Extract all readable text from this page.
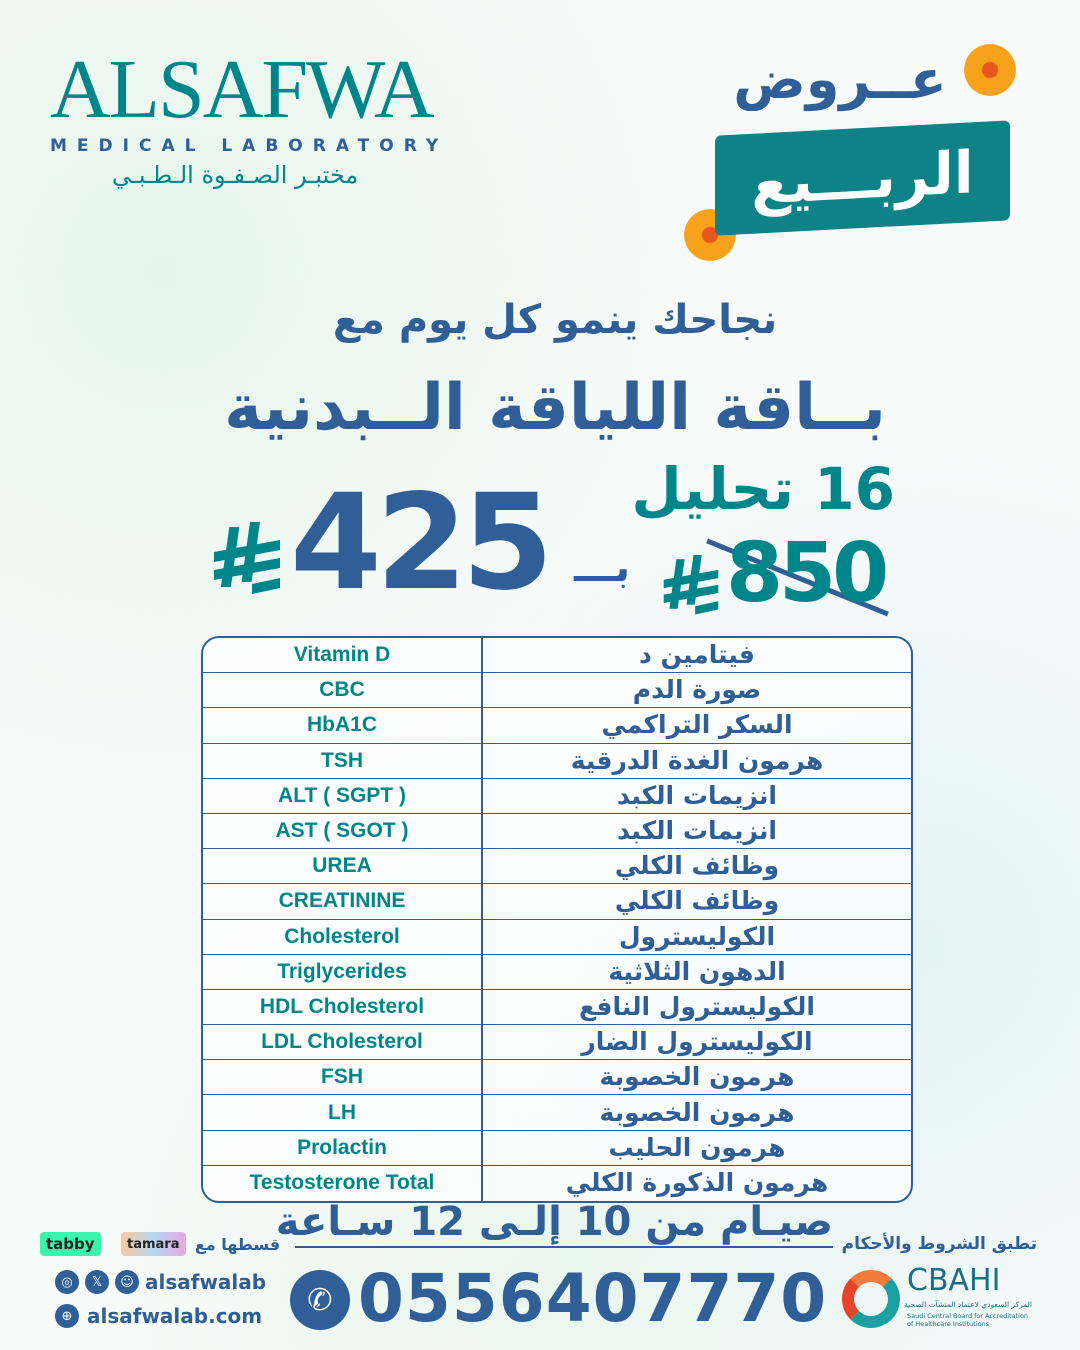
ALSAFWA
MEDICAL LABORATORY
مختبـر الصـفـوة الـطـبـي
عــروض
الربـــيع
نجاحك ينمو كل يوم مع
بــاقة اللياقة الــبدنية
16 تحليل
850
425 بـــ
Vitamin D	فيتامين د
CBC	صورة الدم
HbA1C	السكر التراكمي
TSH	هرمون الغدة الدرقية
ALT ( SGPT )	انزيمات الكبد
AST ( SGOT )	انزيمات الكبد
UREA	وظائف الكلي
CREATININE	وظائف الكلي
Cholesterol	الكوليسترول
Triglycerides	الدهون الثلاثية
HDL Cholesterol	الكوليسترول النافع
LDL Cholesterol	الكوليسترول الضار
FSH	هرمون الخصوبة
LH	هرمون الخصوبة
Prolactin	هرمون الحليب
Testosterone Total	هرمون الذكورة الكلي
صيـام من 10 إلـى 12 سـاعة تطبق الشروط والأحكام
قسطها مع
tamara
tabby
◎	𝕏	☺ alsafwalab
⊕ alsafwalab.com	✆ 0556407770	CBAHI
المركز السعودي لاعتماد المنشآت الصحية
Saudi Central Board for Accreditation of Healthcare Institutions
